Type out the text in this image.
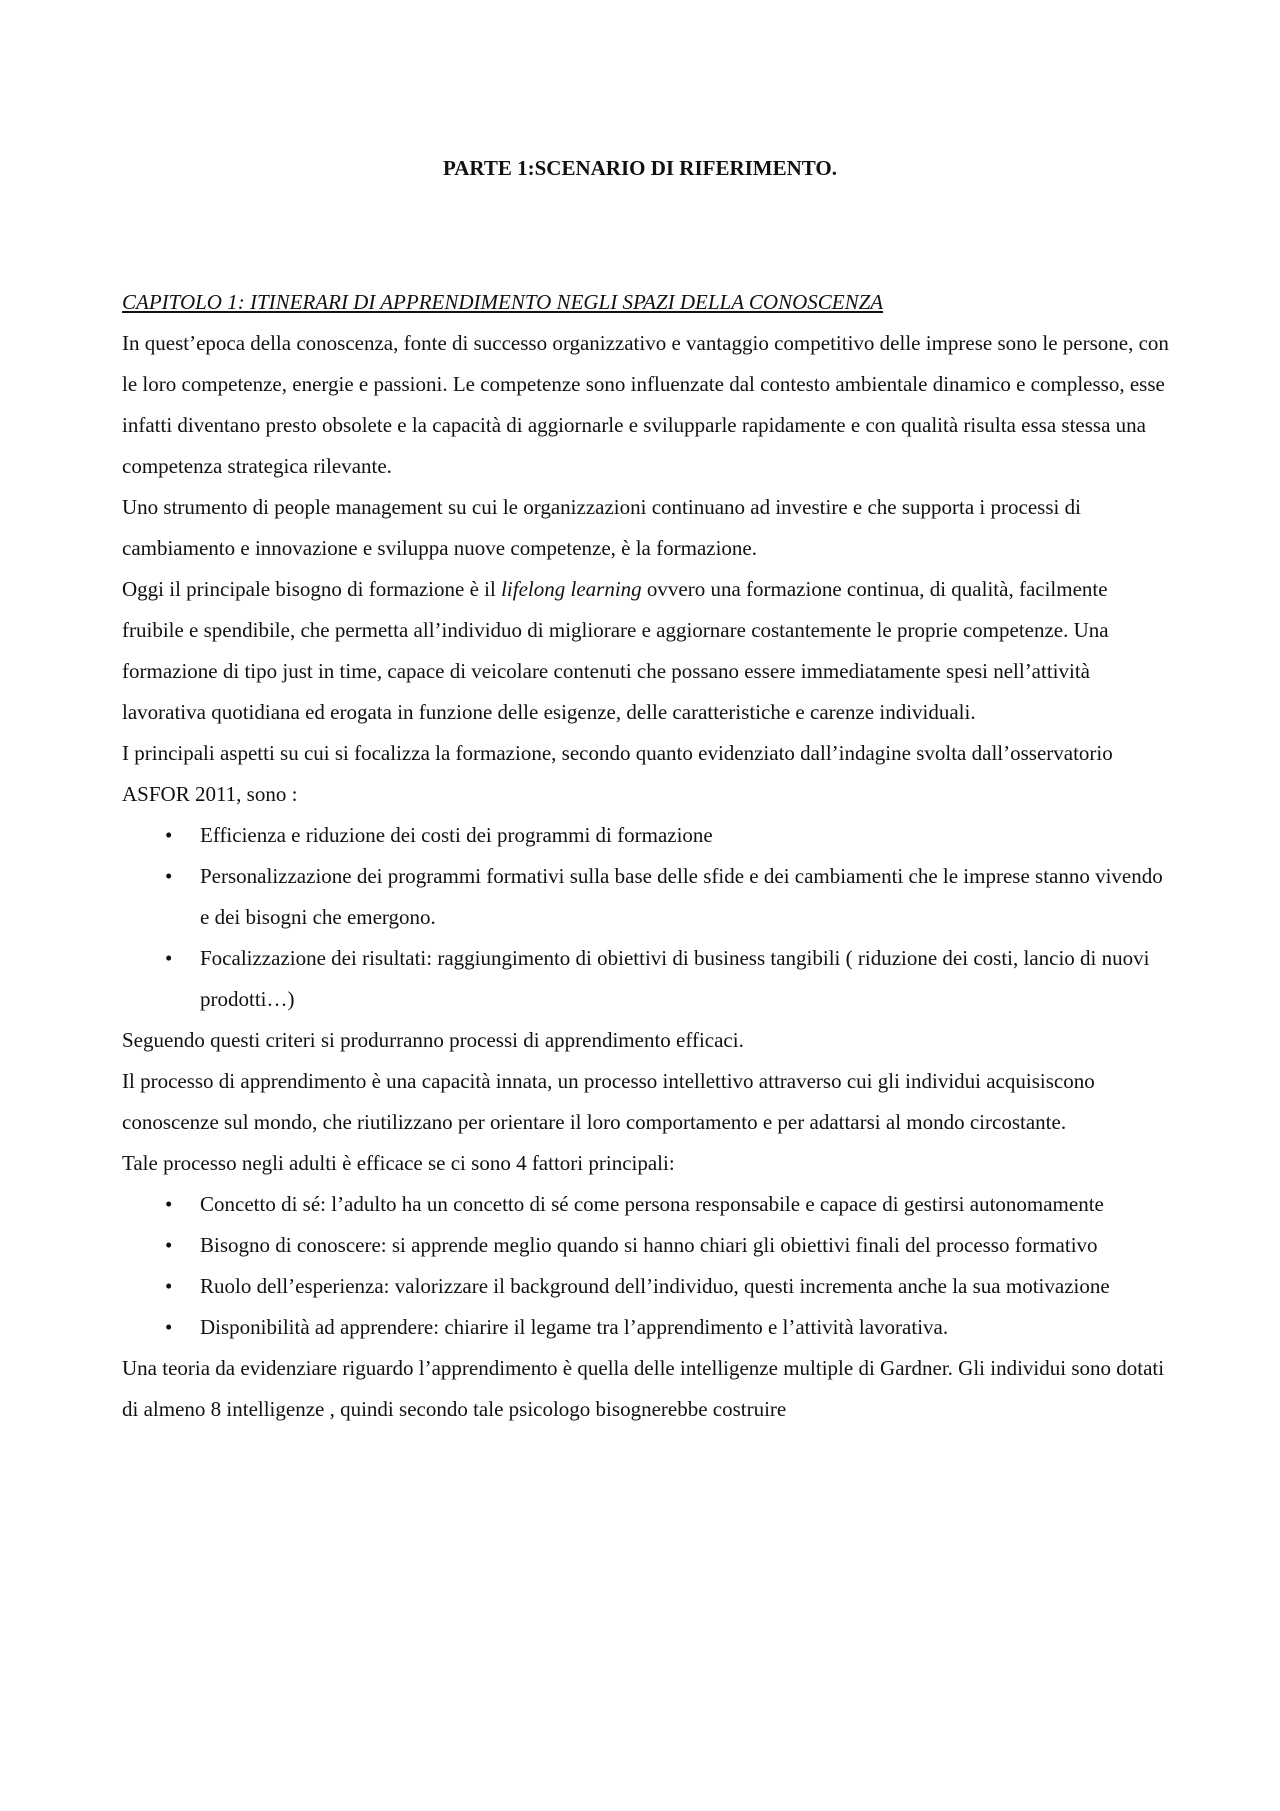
PARTE 1:SCENARIO DI RIFERIMENTO.
CAPITOLO 1: ITINERARI DI APPRENDIMENTO NEGLI SPAZI DELLA CONOSCENZA

In quest’epoca della conoscenza, fonte di successo organizzativo e vantaggio competitivo delle imprese sono le persone, con le loro competenze, energie e passioni. Le competenze sono influenzate dal contesto ambientale dinamico e complesso, esse infatti diventano presto obsolete e la capacità di aggiornarle e svilupparle rapidamente e con qualità risulta essa stessa una competenza strategica rilevante.

Uno strumento di people management su cui le organizzazioni continuano ad investire e che supporta i processi di cambiamento e innovazione e sviluppa nuove competenze, è la formazione.

Oggi il principale bisogno di formazione è il lifelong learning ovvero una formazione continua, di qualità, facilmente fruibile e spendibile, che permetta all’individuo di migliorare e aggiornare costantemente le proprie competenze. Una formazione di tipo just in time, capace di veicolare contenuti che possano essere immediatamente spesi nell’attività lavorativa quotidiana ed erogata in funzione delle esigenze, delle caratteristiche e carenze individuali.

I principali aspetti su cui si focalizza la formazione, secondo quanto evidenziato dall’indagine svolta dall’osservatorio ASFOR 2011, sono :

• Efficienza e riduzione dei costi dei programmi di formazione
• Personalizzazione dei programmi formativi sulla base delle sfide e dei cambiamenti che le imprese stanno vivendo e dei bisogni che emergono.
• Focalizzazione dei risultati: raggiungimento di obiettivi di business tangibili ( riduzione dei costi, lancio di nuovi prodotti…)

Seguendo questi criteri si produrranno processi di apprendimento efficaci.

Il processo di apprendimento è una capacità innata, un processo intellettivo attraverso cui gli individui acquisiscono conoscenze sul mondo, che riutilizzano per orientare il loro comportamento e per adattarsi al mondo circostante.

Tale processo negli adulti è efficace se ci sono 4 fattori principali:

• Concetto di sé: l’adulto ha un concetto di sé come persona responsabile e capace di gestirsi autonomamente
• Bisogno di conoscere: si apprende meglio quando si hanno chiari gli obiettivi finali del processo formativo
• Ruolo dell’esperienza: valorizzare il background dell’individuo, questi incrementa anche la sua motivazione
• Disponibilità ad apprendere: chiarire il legame tra l’apprendimento e l’attività lavorativa.

Una teoria da evidenziare riguardo l’apprendimento è quella delle intelligenze multiple di Gardner. Gli individui sono dotati di almeno 8 intelligenze , quindi secondo tale psicologo bisognerebbe costruire
